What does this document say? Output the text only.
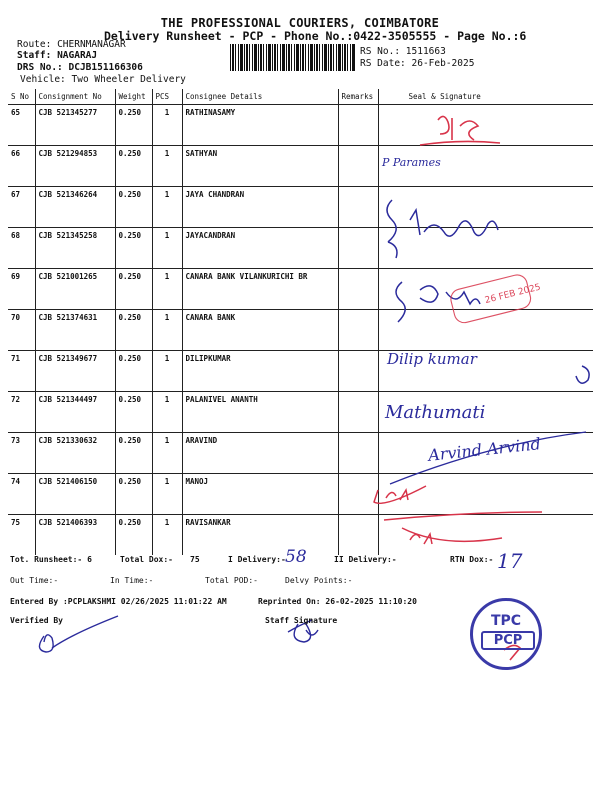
THE PROFESSIONAL COURIERS, COIMBATORE
Delivery Runsheet - PCP - Phone No.:0422-3505555 - Page No.:6
Route: CHERNMANAGAR
Staff: NAGARAJ
DRS No.: DCJB151166306
Vehicle: Two Wheeler Delivery
RS No.: 1511663
RS Date: 26-Feb-2025
S No	Consignment No	Weight	PCS	Consignee Details	Remarks	Seal & Signature
65	CJB 521345277	0.250	1	RATHINASAMY		
66	CJB 521294853	0.250	1	SATHYAN		
67	CJB 521346264	0.250	1	JAYA CHANDRAN		
68	CJB 521345258	0.250	1	JAYACANDRAN		
69	CJB 521001265	0.250	1	CANARA BANK VILANKURICHI BR		
70	CJB 521374631	0.250	1	CANARA BANK		
71	CJB 521349677	0.250	1	DILIPKUMAR		
72	CJB 521344497	0.250	1	PALANIVEL ANANTH		
73	CJB 521330632	0.250	1	ARAVIND		
74	CJB 521406150	0.250	1	MANOJ		
75	CJB 521406393	0.250	1	RAVISANKAR		
26 FEB 2025
P Parames
Dilip kumar
Mathumati
Arvind Arvind
Tot. Runsheet:- 6	Total Dox:- 75	I Delivery:- 58	II Delivery:-	RTN Dox:- 17
Out Time:-	In Time:-	Total POD:-	Delvy Points:-
Entered By :PCPLAKSHMI 02/26/2025 11:01:22 AM	Reprinted On: 26-02-2025 11:10:20
Verified By	Staff Signature	TPC
PCP
